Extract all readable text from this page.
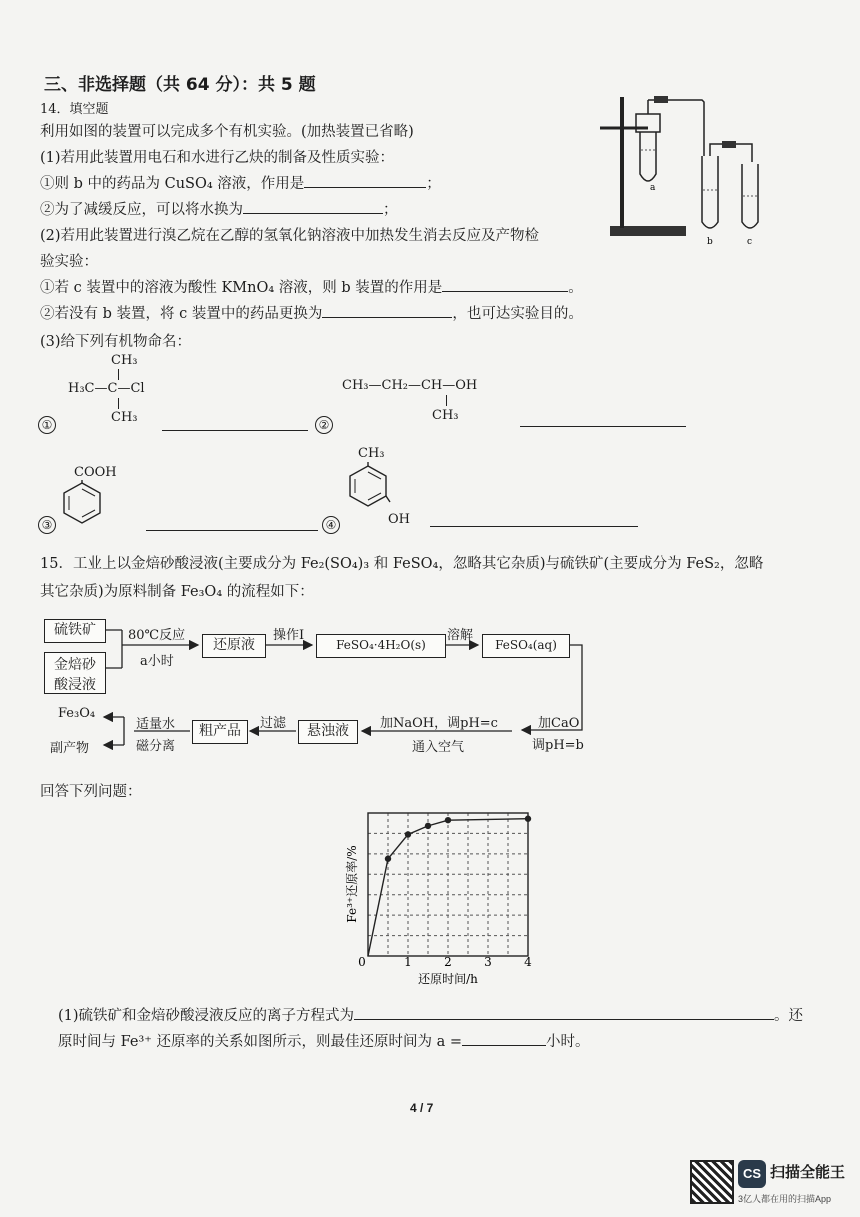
三、非选择题（共 64 分）：共 5 题
14．填空题
利用如图的装置可以完成多个有机实验。(加热装置已省略)
(1)若用此装置用电石和水进行乙炔的制备及性质实验：
①则 b 中的药品为 CuSO₄ 溶液，作用是	；
②为了减缓反应，可以将水换为	；
(2)若用此装置进行溴乙烷在乙醇的氢氧化钠溶液中加热发生消去反应及产物检
验实验：
①若 c 装置中的溶液为酸性 KMnO₄ 溶液，则 b 装置的作用是	。
②若没有 b 装置，将 c 装置中的药品更换为	，也可达实验目的。
(3)给下列有机物命名：
a
b	c
CH₃
H₃C—C—Cl
CH₃
①
CH₃—CH₂—CH—OH
CH₃
②
COOH
③
CH₃
OH
④
15．工业上以金焙砂酸浸液(主要成分为 Fe₂(SO₄)₃ 和 FeSO₄，忽略其它杂质)与硫铁矿(主要成分为 FeS₂，忽略
其它杂质)为原料制备 Fe₃O₄ 的流程如下：
硫铁矿
金焙砂
酸浸液
80℃反应
a小时
还原液
操作I
FeSO₄·4H₂O(s)
溶解
FeSO₄(aq)
加CaO
调pH=b
加NaOH，调pH=c
通入空气
悬浊液
过滤
粗产品
适量水
磁分离
Fe₃O₄
副产物
回答下列问题：
0	1	2	3	4
还原时间/h
Fe³⁺还原率/%
(1)硫铁矿和金焙砂酸浸液反应的离子方程式为	。还
原时间与 Fe³⁺ 还原率的关系如图所示，则最佳还原时间为 a =	小时。
4 / 7
CS 扫描全能王
3亿人都在用的扫描App
